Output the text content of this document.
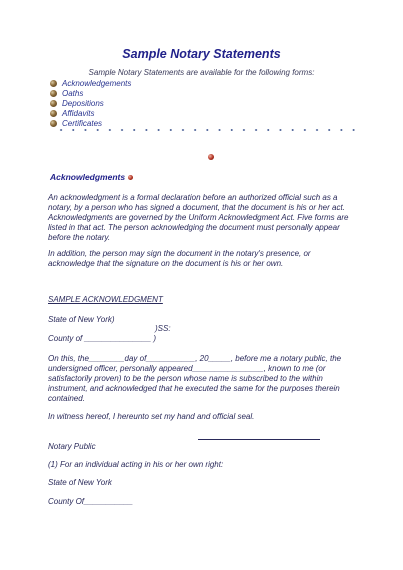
Sample Notary Statements
Sample Notary Statements are available for the following forms:
Acknowledgements
Oaths
Depositions
Affidavits
Certificates
Acknowledgments

An acknowledgment is a formal declaration before an authorized official such as a notary, by a person who has signed a document, that the document is his or her act. Acknowledgments are governed by the Uniform Acknowledgment Act. Five forms are listed in that act. The person acknowledging the document must personally appear before the notary.

In addition, the person may sign the document in the notary's presence, or acknowledge that the signature on the document is his or her own.

SAMPLE ACKNOWLEDGMENT
State of New York)
)SS:
County of _______________ )

On this, the________day of___________, 20_____, before me a notary public, the undersigned officer, personally appeared________________, known to me (or satisfactorily proven) to be the person whose name is subscribed to the within instrument, and acknowledged that he executed the same for the purposes therein contained.

In witness hereof, I hereunto set my hand and official seal.
Notary Public
(1) For an individual acting in his or her own right:
State of New York
County Of___________
